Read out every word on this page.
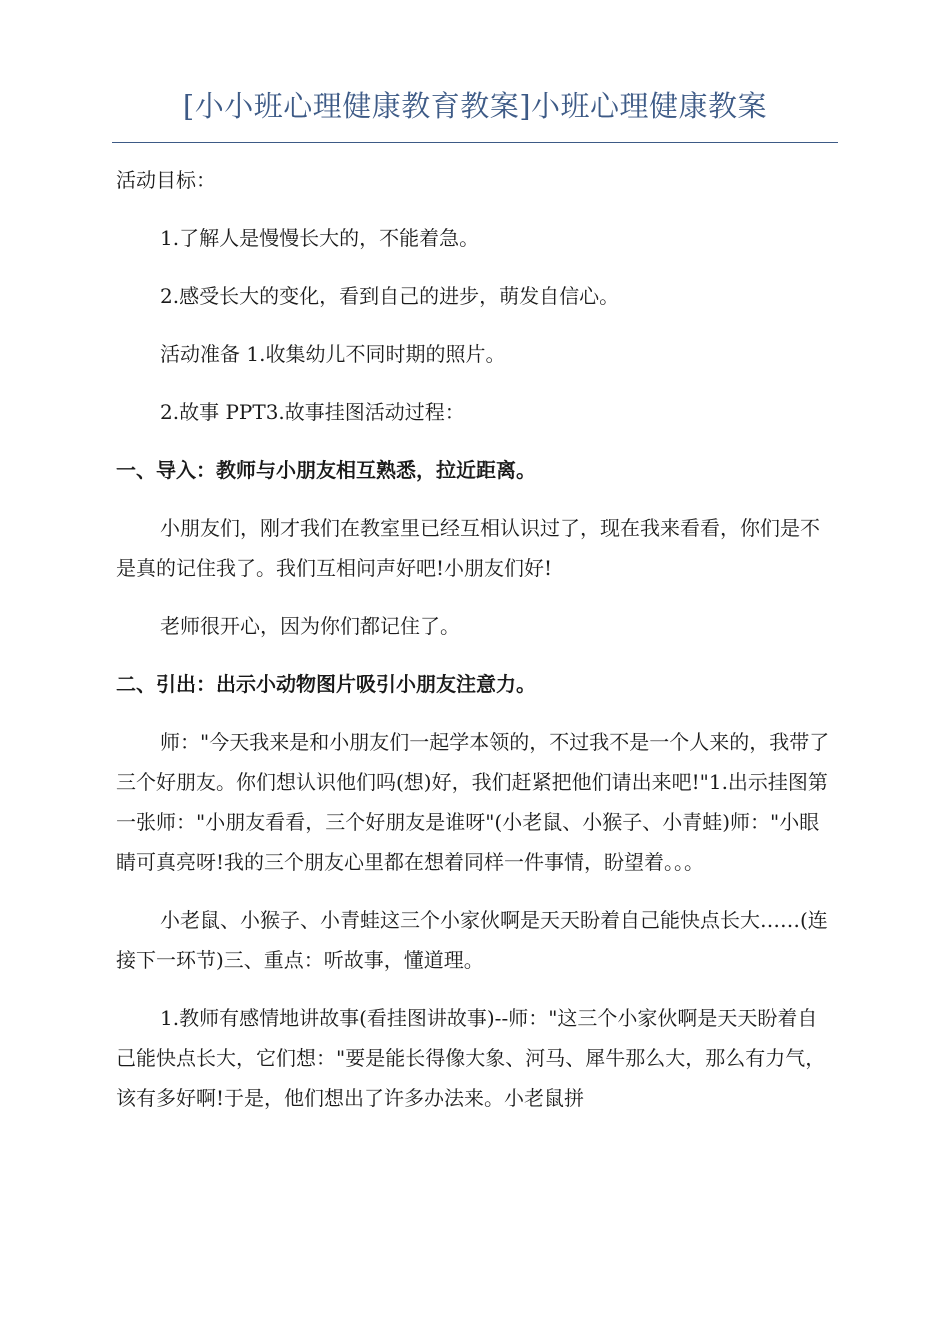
[小小班心理健康教育教案]小班心理健康教案

活动目标：

1.了解人是慢慢长大的，不能着急。

2.感受长大的变化，看到自己的进步，萌发自信心。

活动准备 1.收集幼儿不同时期的照片。

2.故事 PPT3.故事挂图活动过程：

一、导入：教师与小朋友相互熟悉，拉近距离。

小朋友们，刚才我们在教室里已经互相认识过了，现在我来看看，你们是不是真的记住我了。我们互相问声好吧!小朋友们好!

老师很开心，因为你们都记住了。

二、引出：出示小动物图片吸引小朋友注意力。

师："今天我来是和小朋友们一起学本领的，不过我不是一个人来的，我带了三个好朋友。你们想认识他们吗(想)好，我们赶紧把他们请出来吧!"1.出示挂图第一张师："小朋友看看，三个好朋友是谁呀"(小老鼠、小猴子、小青蛙)师："小眼睛可真亮呀!我的三个朋友心里都在想着同样一件事情，盼望着。。。

小老鼠、小猴子、小青蛙这三个小家伙啊是天天盼着自己能快点长大……(连接下一环节)三、重点：听故事，懂道理。

1.教师有感情地讲故事(看挂图讲故事)--师："这三个小家伙啊是天天盼着自己能快点长大，它们想："要是能长得像大象、河马、犀牛那么大，那么有力气，该有多好啊!于是，他们想出了许多办法来。小老鼠拼
